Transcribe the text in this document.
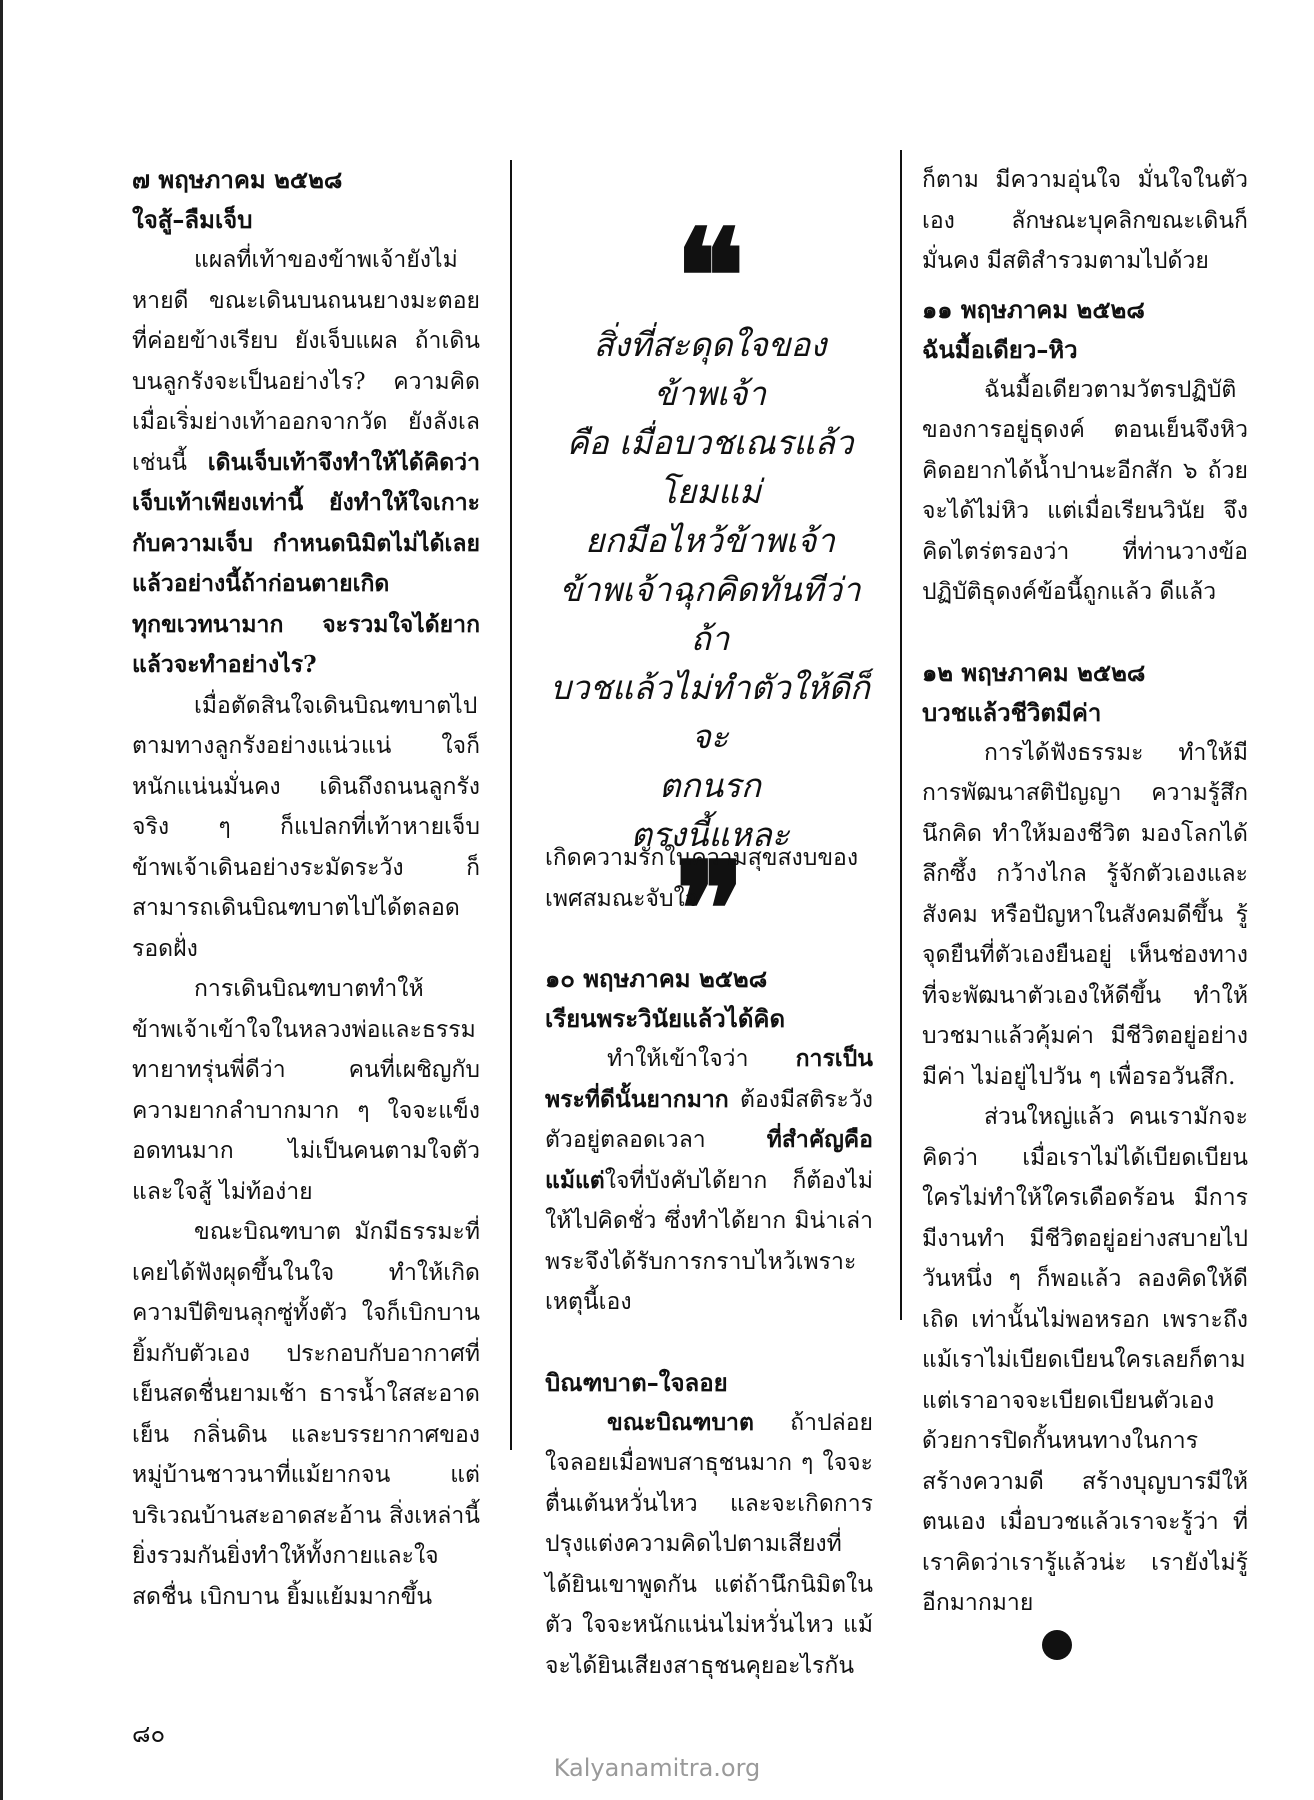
๗ พฤษภาคม ๒๕๒๘

ใจสู้–ลืมเจ็บ

แผลที่เท้าของข้าพเจ้ายังไม่หายดี ขณะเดินบนถนนยางมะตอยที่ค่อยข้างเรียบ ยังเจ็บแผล ถ้าเดินบนลูกรังจะเป็นอย่างไร? ความคิดเมื่อเริ่มย่างเท้าออกจากวัด ยังลังเลเช่นนี้ เดินเจ็บเท้าจึงทำให้ได้คิดว่าเจ็บเท้าเพียงเท่านี้ ยังทำให้ใจเกาะกับความเจ็บ กำหนดนิมิตไม่ได้เลย แล้วอย่างนี้ถ้าก่อนตายเกิดทุกขเวทนามาก จะรวมใจได้ยากแล้วจะทำอย่างไร?

เมื่อตัดสินใจเดินบิณฑบาตไปตามทางลูกรังอย่างแน่วแน่ ใจก็หนักแน่นมั่นคง เดินถึงถนนลูกรังจริง ๆ ก็แปลกที่เท้าหายเจ็บ ข้าพเจ้าเดินอย่างระมัดระวัง ก็สามารถเดินบิณฑบาตไปได้ตลอดรอดฝั่ง

การเดินบิณฑบาตทำให้ข้าพเจ้าเข้าใจในหลวงพ่อและธรรมทายาทรุ่นพี่ดีว่า คนที่เผชิญกับความยากลำบากมาก ๆ ใจจะแข็ง อดทนมาก ไม่เป็นคนตามใจตัว และใจสู้ ไม่ท้อง่าย

ขณะบิณฑบาต มักมีธรรมะที่เคยได้ฟังผุดขึ้นในใจ ทำให้เกิดความปีติขนลุกซู่ทั้งตัว ใจก็เบิกบานยิ้มกับตัวเอง ประกอบกับอากาศที่เย็นสดชื่นยามเช้า ธารน้ำใสสะอาดเย็น กลิ่นดิน และบรรยากาศของหมู่บ้านชาวนาที่แม้ยากจน แต่บริเวณบ้านสะอาดสะอ้าน สิ่งเหล่านี้ยิ่งรวมกันยิ่งทำให้ทั้งกายและใจสดชื่น เบิกบาน ยิ้มแย้มมากขึ้น

❝
สิ่งที่สะดุดใจของข้าพเจ้า
คือ เมื่อบวชเณรแล้ว
โยมแม่
ยกมือไหว้ข้าพเจ้า
ข้าพเจ้าฉุกคิดทันทีว่า ถ้า
บวชแล้วไม่ทำตัวให้ดีก็จะ
ตกนรก
ตรงนี้แหละ
❞

เกิดความรักในความสุขสงบของเพศสมณะจับใจ

๑๐ พฤษภาคม ๒๕๒๘

เรียนพระวินัยแล้วได้คิด

ทำให้เข้าใจว่า การเป็นพระที่ดีนั้นยากมาก ต้องมีสติระวังตัวอยู่ตลอดเวลา ที่สำคัญคือ แม้แต่ใจที่บังคับได้ยาก ก็ต้องไม่ให้ไปคิดชั่ว ซึ่งทำได้ยาก มิน่าเล่า พระจึงได้รับการกราบไหว้เพราะเหตุนี้เอง

บิณฑบาต–ใจลอย

ขณะบิณฑบาต ถ้าปล่อยใจลอยเมื่อพบสาธุชนมาก ๆ ใจจะตื่นเต้นหวั่นไหว และจะเกิดการปรุงแต่งความคิดไปตามเสียงที่ได้ยินเขาพูดกัน แต่ถ้านึกนิมิตในตัว ใจจะหนักแน่นไม่หวั่นไหว แม้จะได้ยินเสียงสาธุชนคุยอะไรกัน

ก็ตาม มีความอุ่นใจ มั่นใจในตัวเอง ลักษณะบุคลิกขณะเดินก็มั่นคง มีสติสำรวมตามไปด้วย

๑๑ พฤษภาคม ๒๕๒๘

ฉันมื้อเดียว–หิว

ฉันมื้อเดียวตามวัตรปฏิบัติของการอยู่ธุดงค์ ตอนเย็นจึงหิว คิดอยากได้น้ำปานะอีกสัก ๖ ถ้วย จะได้ไม่หิว แต่เมื่อเรียนวินัย จึงคิดไตร่ตรองว่า ที่ท่านวางข้อปฏิบัติธุดงค์ข้อนี้ถูกแล้ว ดีแล้ว

๑๒ พฤษภาคม ๒๕๒๘

บวชแล้วชีวิตมีค่า

การได้ฟังธรรมะ ทำให้มีการพัฒนาสติปัญญา ความรู้สึกนึกคิด ทำให้มองชีวิต มองโลกได้ลึกซึ้ง กว้างไกล รู้จักตัวเองและสังคม หรือปัญหาในสังคมดีขึ้น รู้จุดยืนที่ตัวเองยืนอยู่ เห็นช่องทางที่จะพัฒนาตัวเองให้ดีขึ้น ทำให้บวชมาแล้วคุ้มค่า มีชีวิตอยู่อย่างมีค่า ไม่อยู่ไปวัน ๆ เพื่อรอวันสึก.

ส่วนใหญ่แล้ว คนเรามักจะคิดว่า เมื่อเราไม่ได้เบียดเบียนใครไม่ทำให้ใครเดือดร้อน มีการมีงานทำ มีชีวิตอยู่อย่างสบายไปวันหนึ่ง ๆ ก็พอแล้ว ลองคิดให้ดีเถิด เท่านั้นไม่พอหรอก เพราะถึงแม้เราไม่เบียดเบียนใครเลยก็ตาม แต่เราอาจจะเบียดเบียนตัวเอง ด้วยการปิดกั้นหนทางในการสร้างความดี สร้างบุญบารมีให้ตนเอง เมื่อบวชแล้วเราจะรู้ว่า ที่เราคิดว่าเรารู้แล้วน่ะ เรายังไม่รู้อีกมากมาย

๘๐
Kalyanamitra.org
